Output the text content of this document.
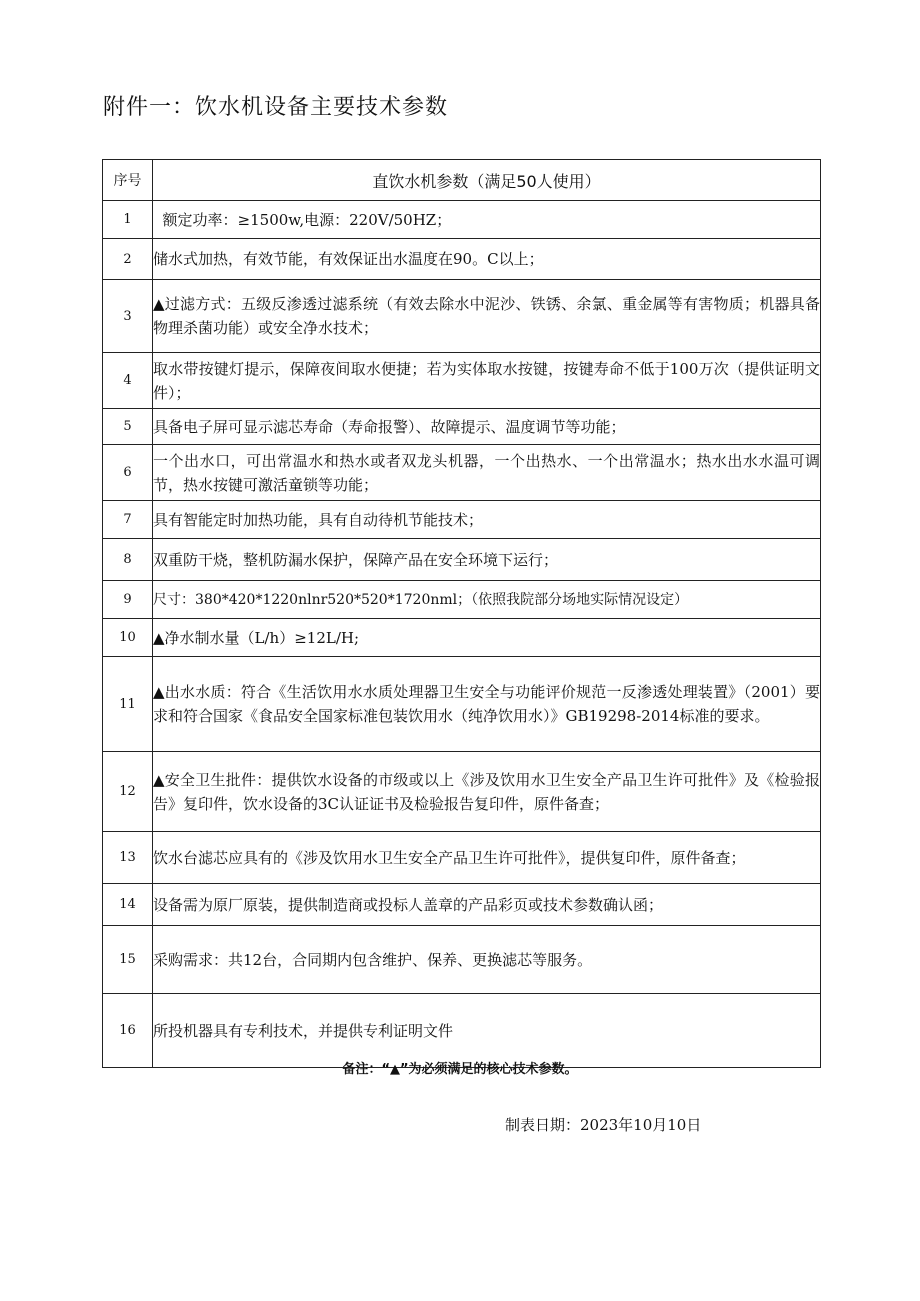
附件一：饮水机设备主要技术参数
序号	直饮水机参数（满足50人使用）
1	额定功率：≥1500w,电源：220V/50HZ；
2	储水式加热，有效节能，有效保证出水温度在90。C以上；
3	▲过滤方式：五级反渗透过滤系统（有效去除水中泥沙、铁锈、余氯、重金属等有害物质；机器具备物理杀菌功能）或安全净水技术；
4	取水带按键灯提示，保障夜间取水便捷；若为实体取水按键，按键寿命不低于100万次（提供证明文件）；
5	具备电子屏可显示滤芯寿命（寿命报警）、故障提示、温度调节等功能；
6	一个出水口，可出常温水和热水或者双龙头机器，一个出热水、一个出常温水；热水出水水温可调节，热水按键可激活童锁等功能；
7	具有智能定时加热功能，具有自动待机节能技术；
8	双重防干烧，整机防漏水保护，保障产品在安全环境下运行；
9	尺寸：380*420*1220nlnr520*520*1720nml；（依照我院部分场地实际情况设定）
10	▲净水制水量（L/h）≥12L/H;
11	▲出水水质：符合《生活饮用水水质处理器卫生安全与功能评价规范一反渗透处理装置》（2001）要求和符合国家《食品安全国家标准包装饮用水（纯净饮用水）》GB19298-2014标准的要求。
12	▲安全卫生批件：提供饮水设备的市级或以上《涉及饮用水卫生安全产品卫生许可批件》及《检验报告》复印件，饮水设备的3C认证证书及检验报告复印件，原件备查；
13	饮水台滤芯应具有的《涉及饮用水卫生安全产品卫生许可批件》，提供复印件，原件备查；
14	设备需为原厂原装，提供制造商或投标人盖章的产品彩页或技术参数确认函；
15	采购需求：共12台，合同期内包含维护、保养、更换滤芯等服务。
16	所投机器具有专利技术，并提供专利证明文件
备注：“▲”为必须满足的核心技术参数。
制表日期：2023年10月10日
